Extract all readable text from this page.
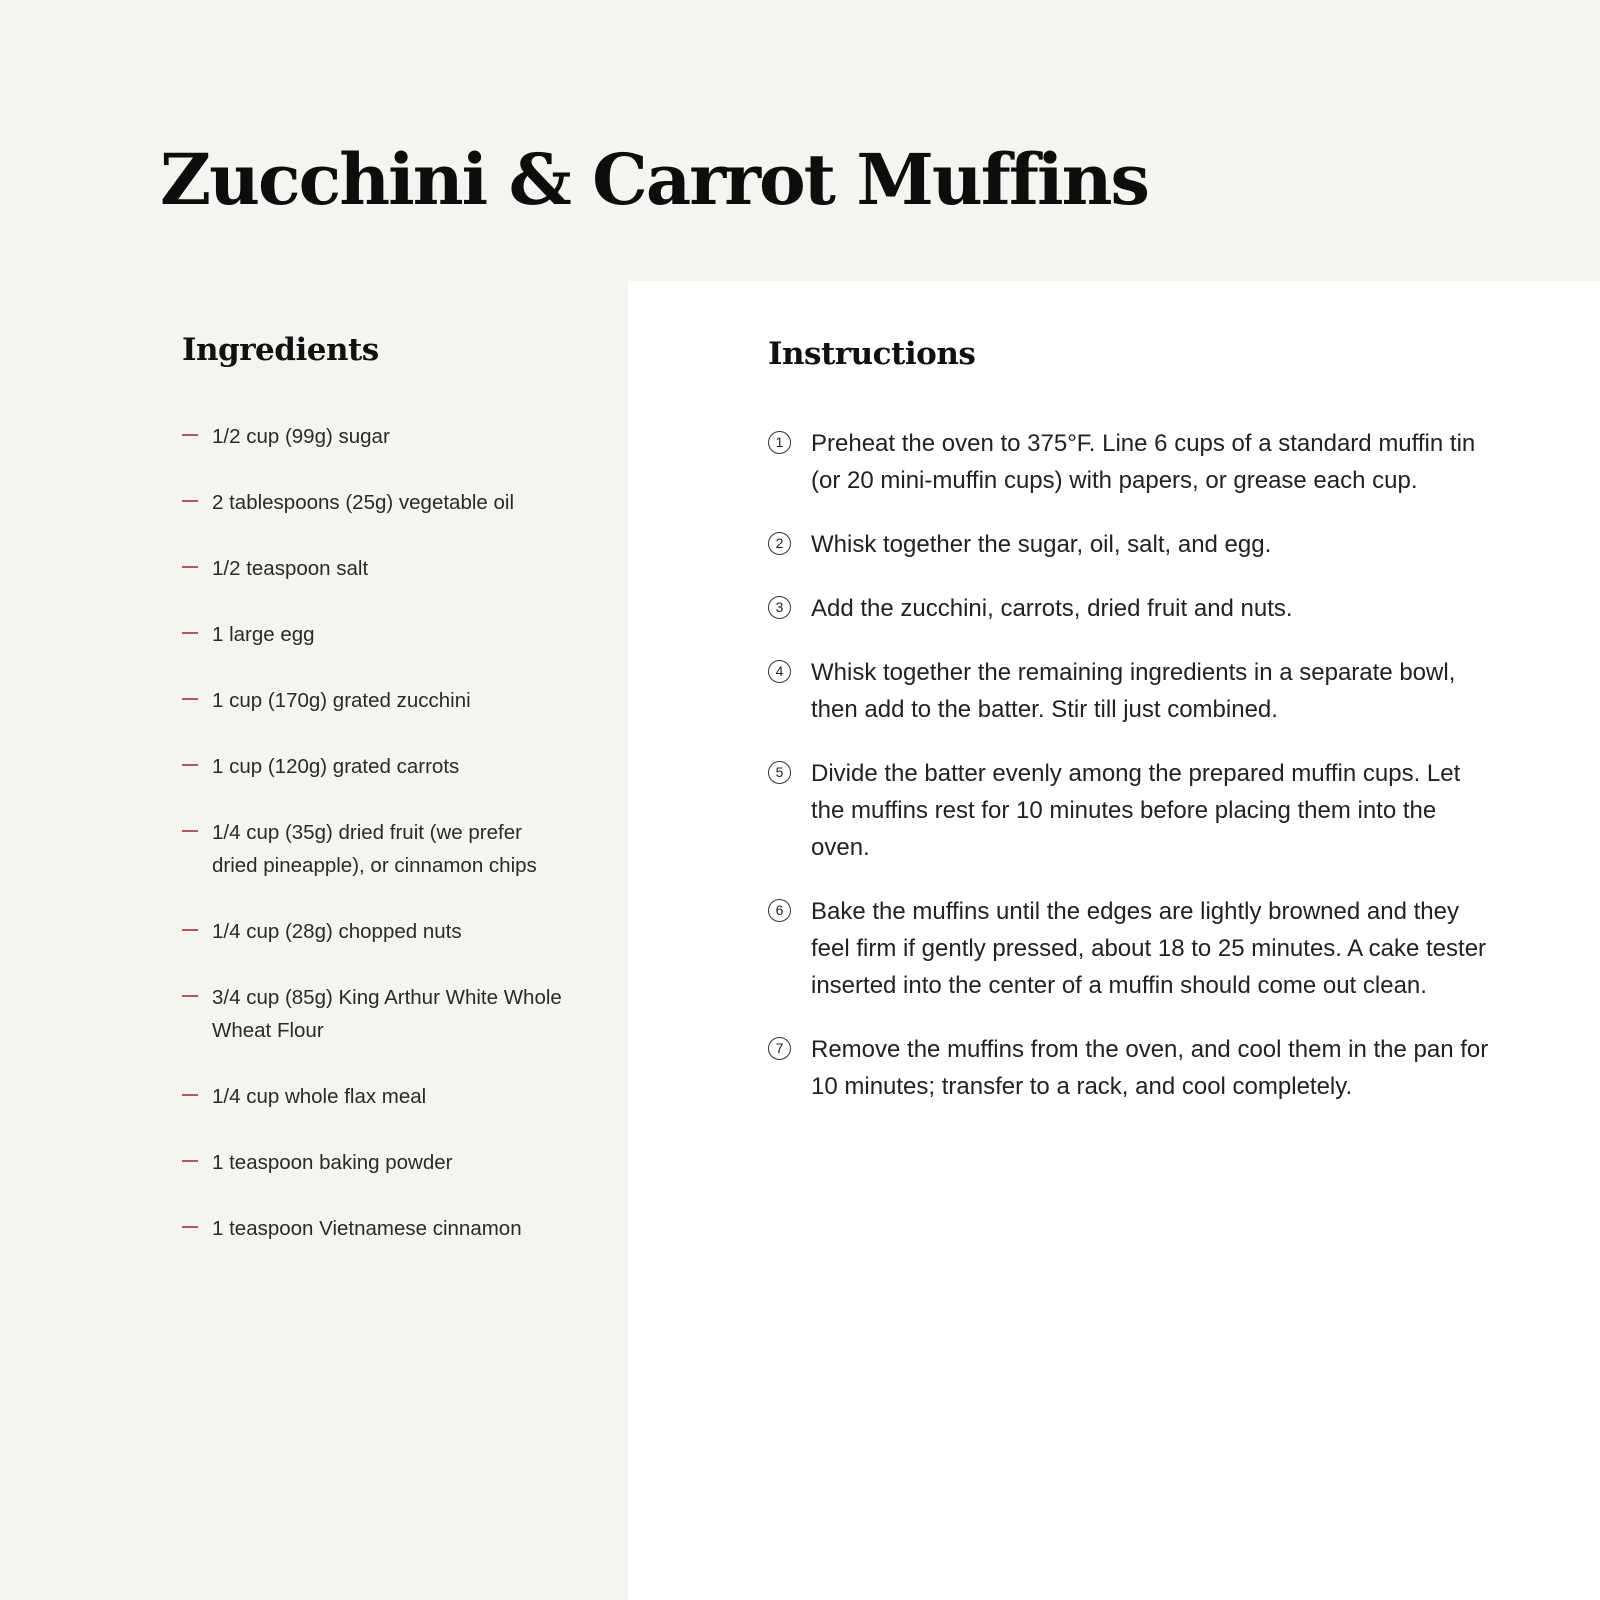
Zucchini & Carrot Muffins
Ingredients
1/2 cup (99g) sugar
2 tablespoons (25g) vegetable oil
1/2 teaspoon salt
1 large egg
1 cup (170g) grated zucchini
1 cup (120g) grated carrots
1/4 cup (35g) dried fruit (we prefer dried pineapple), or cinnamon chips
1/4 cup (28g) chopped nuts
3/4 cup (85g) King Arthur White Whole Wheat Flour
1/4 cup whole flax meal
1 teaspoon baking powder
1 teaspoon Vietnamese cinnamon
Instructions
1	Preheat the oven to 375°F. Line 6 cups of a standard muffin tin (or 20 mini-muffin cups) with papers, or grease each cup.
2	Whisk together the sugar, oil, salt, and egg.
3	Add the zucchini, carrots, dried fruit and nuts.
4	Whisk together the remaining ingredients in a separate bowl, then add to the batter. Stir till just combined.
5	Divide the batter evenly among the prepared muffin cups. Let the muffins rest for 10 minutes before placing them into the oven.
6	Bake the muffins until the edges are lightly browned and they feel firm if gently pressed, about 18 to 25 minutes. A cake tester inserted into the center of a muffin should come out clean.
7	Remove the muffins from the oven, and cool them in the pan for 10 minutes; transfer to a rack, and cool completely.
